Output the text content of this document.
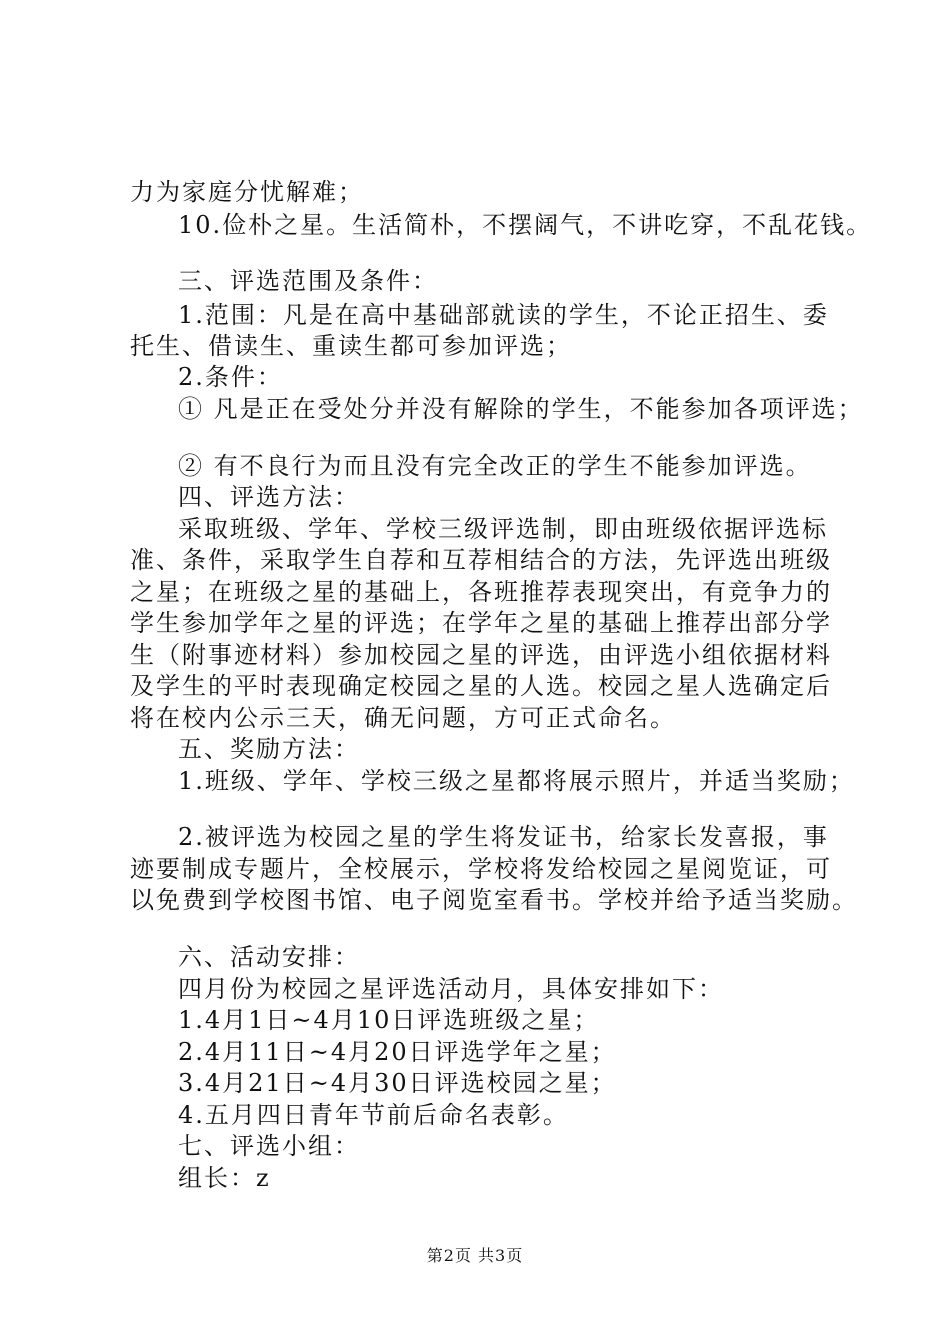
力为家庭分忧解难；
10.俭朴之星。生活简朴，不摆阔气，不讲吃穿，不乱花钱。
三、评选范围及条件：
1.范围：凡是在高中基础部就读的学生，不论正招生、委
托生、借读生、重读生都可参加评选；
2.条件：
① 凡是正在受处分并没有解除的学生，不能参加各项评选；
② 有不良行为而且没有完全改正的学生不能参加评选。
四、评选方法：
采取班级、学年、学校三级评选制，即由班级依据评选标
准、条件，采取学生自荐和互荐相结合的方法，先评选出班级
之星；在班级之星的基础上，各班推荐表现突出，有竞争力的
学生参加学年之星的评选；在学年之星的基础上推荐出部分学
生（附事迹材料）参加校园之星的评选，由评选小组依据材料
及学生的平时表现确定校园之星的人选。校园之星人选确定后
将在校内公示三天，确无问题，方可正式命名。
五、奖励方法：
1.班级、学年、学校三级之星都将展示照片，并适当奖励；
2.被评选为校园之星的学生将发证书，给家长发喜报，事
迹要制成专题片，全校展示，学校将发给校园之星阅览证，可
以免费到学校图书馆、电子阅览室看书。学校并给予适当奖励。
六、活动安排：
四月份为校园之星评选活动月，具体安排如下：
1.4月1日~4月10日评选班级之星；
2.4月11日~4月20日评选学年之星；
3.4月21日~4月30日评选校园之星；
4.五月四日青年节前后命名表彰。
七、评选小组：
组长：z
第2页 共3页
